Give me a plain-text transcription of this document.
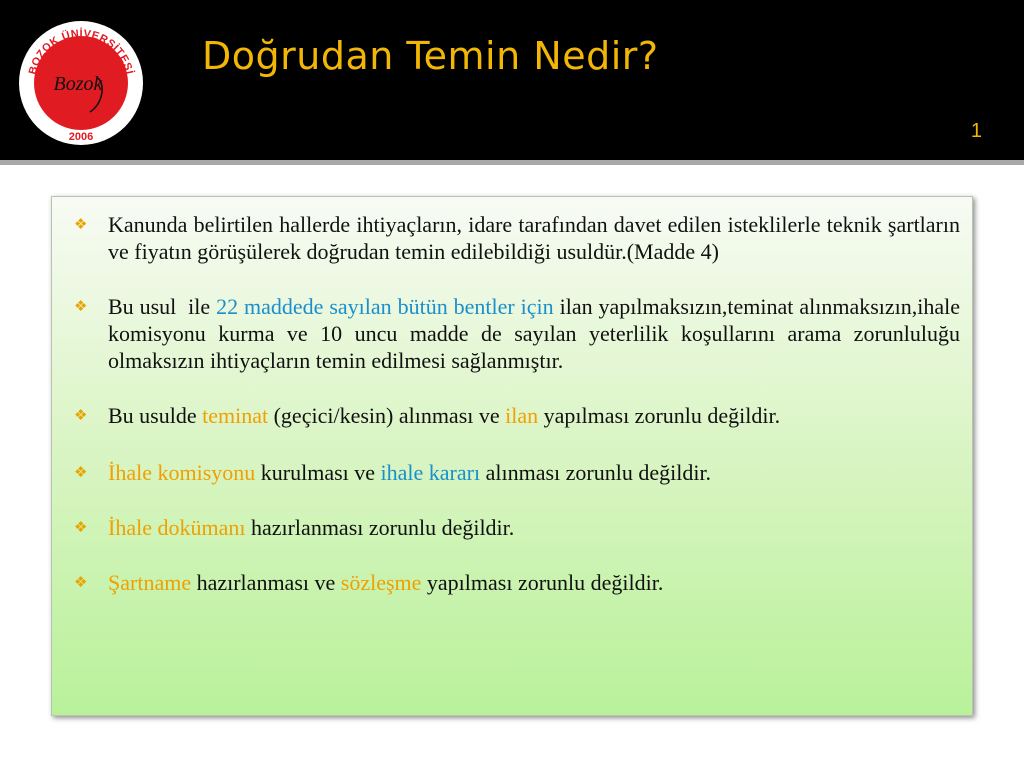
BOZOK ÜNİVERSİTESİ
2006
Bozok
Doğrudan Temin Nedir?
1
❖ Kanunda belirtilen hallerde ihtiyaçların, idare tarafından davet edilen isteklilerle teknik şartların ve fiyatın görüşülerek doğrudan temin edilebildiği usuldür.(Madde 4)
❖ Bu usul  ile 22 maddede sayılan bütün bentler için ilan yapılmaksızın,teminat alınmaksızın,ihale komisyonu kurma ve 10 uncu madde de sayılan yeterlilik koşullarını arama zorunluluğu olmaksızın ihtiyaçların temin edilmesi sağlanmıştır.
❖ Bu usulde teminat (geçici/kesin) alınması ve ilan yapılması zorunlu değildir.
❖ İhale komisyonu kurulması ve ihale kararı alınması zorunlu değildir.
❖ İhale dokümanı hazırlanması zorunlu değildir.
❖ Şartname hazırlanması ve sözleşme yapılması zorunlu değildir.
